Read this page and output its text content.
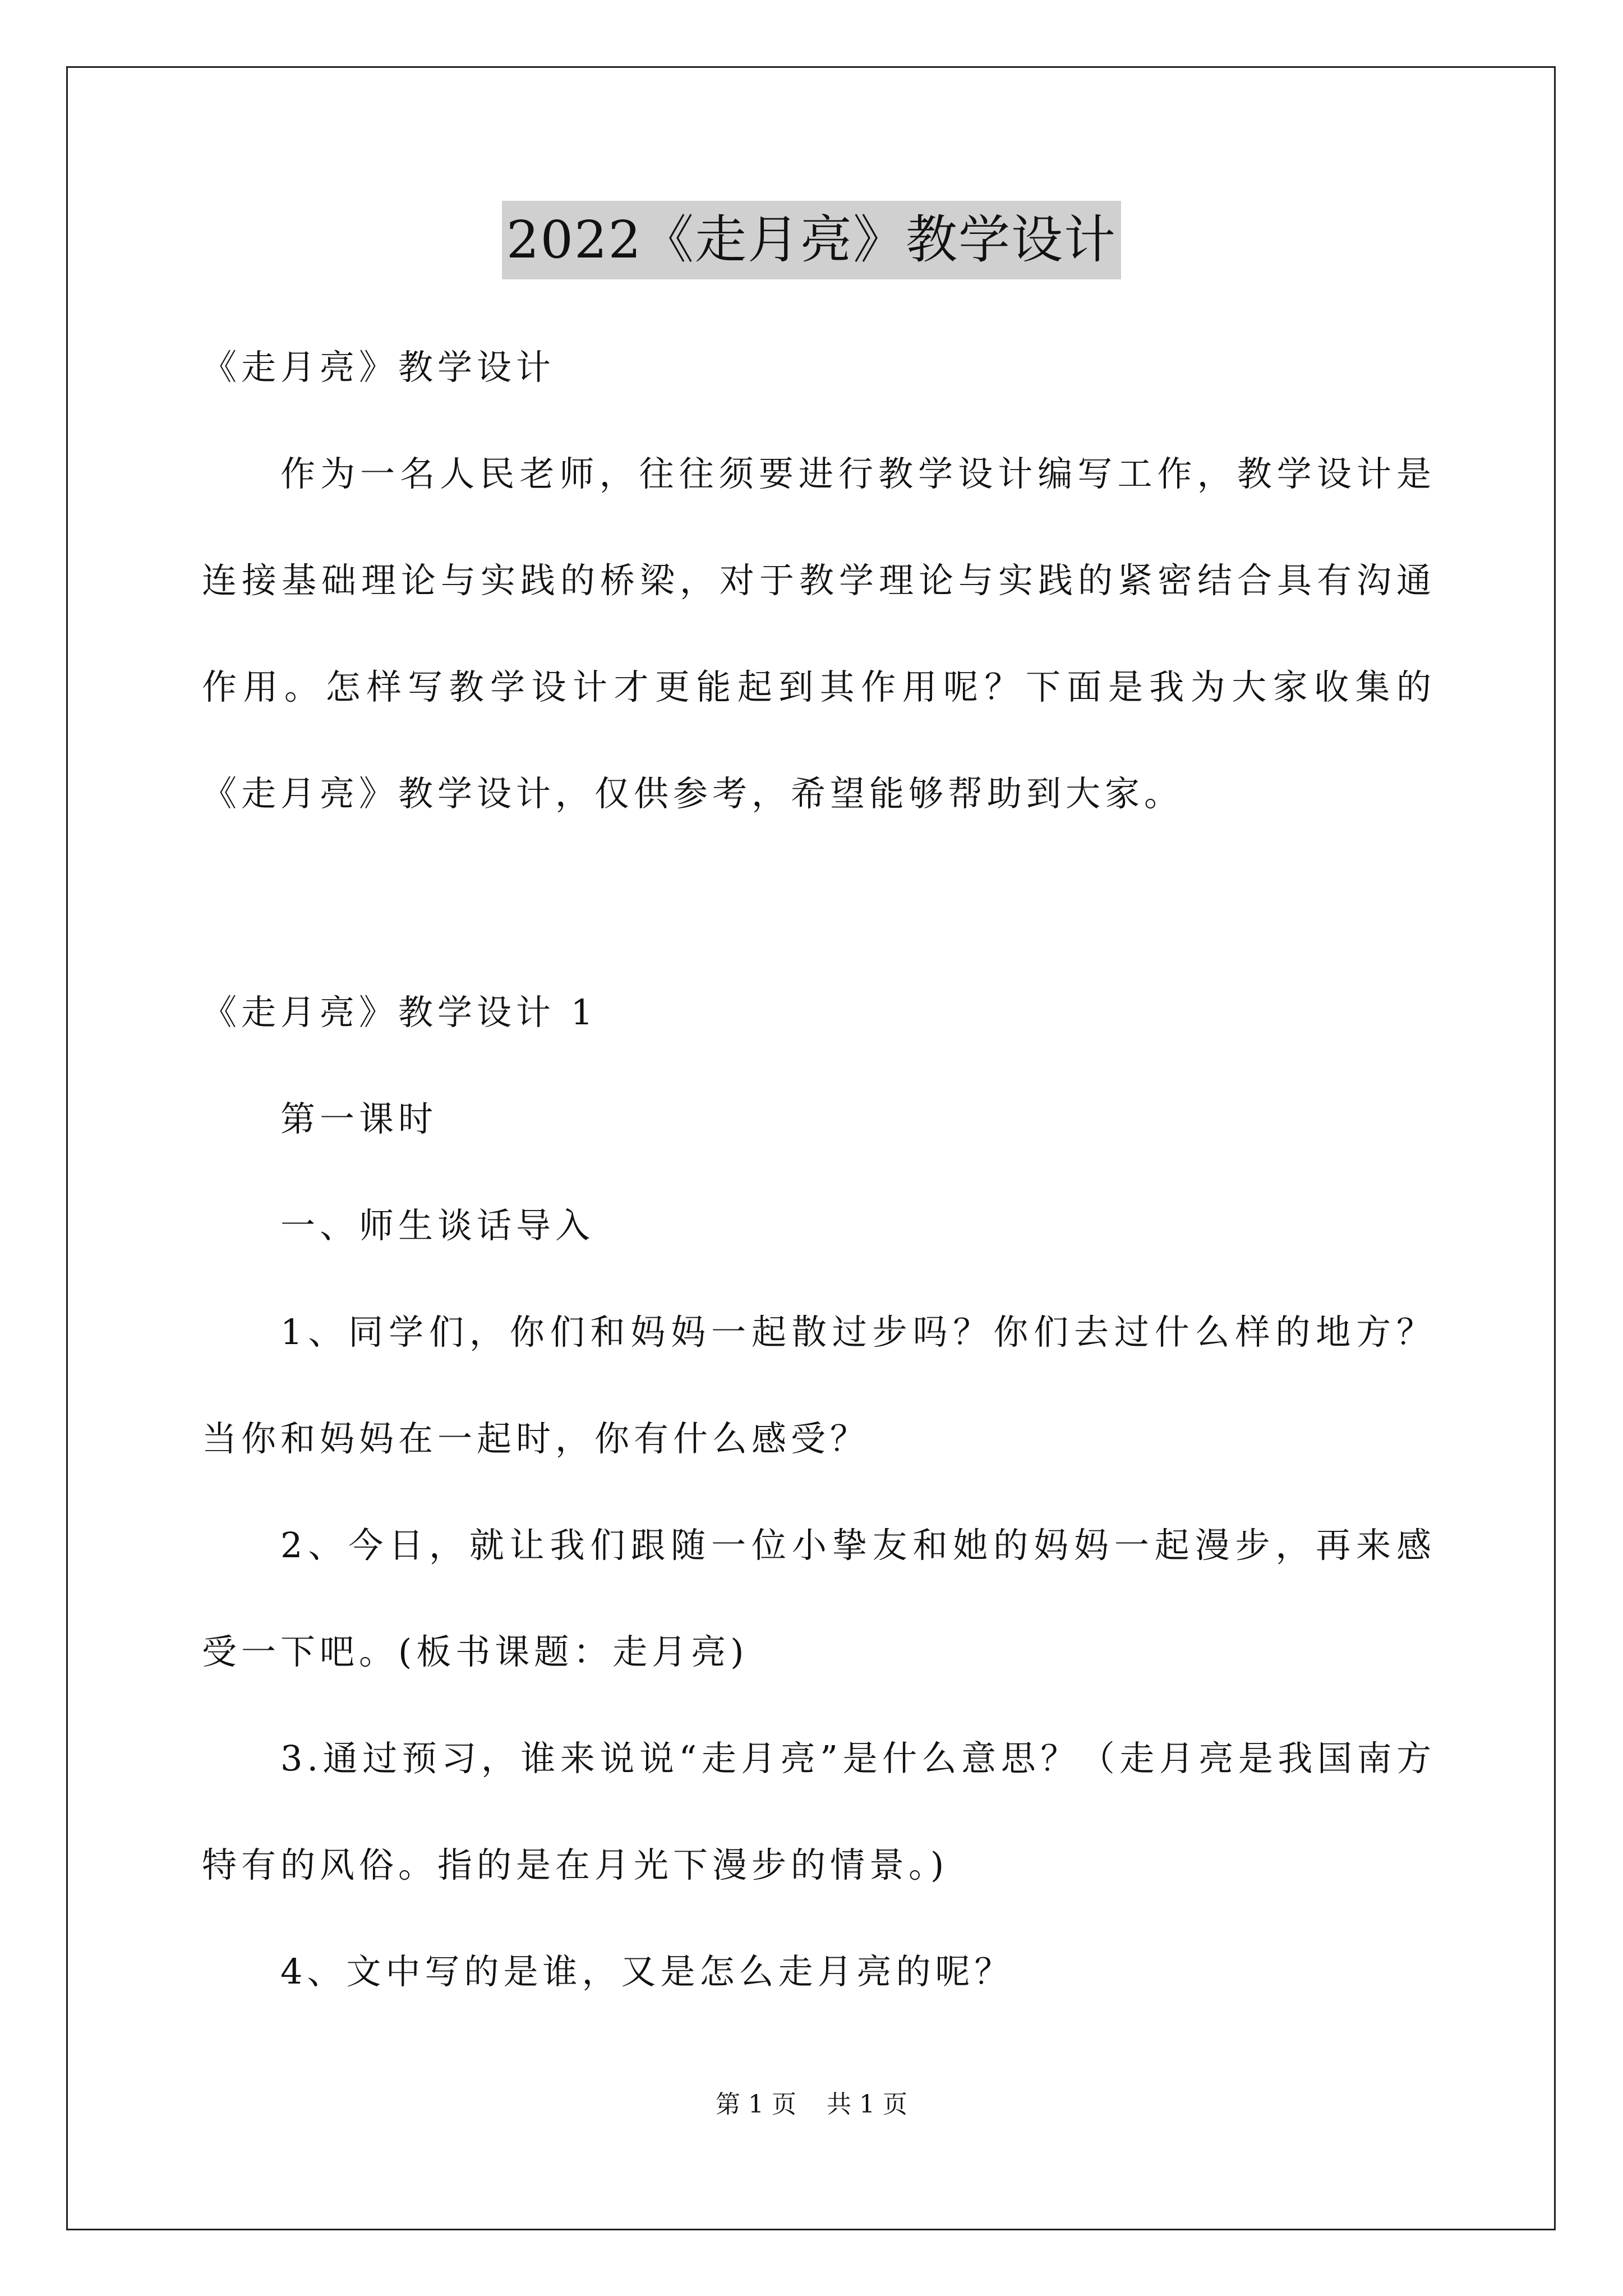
2022《走月亮》教学设计

《走月亮》教学设计

作为一名人民老师，往往须要进行教学设计编写工作，教学设计是连接基础理论与实践的桥梁，对于教学理论与实践的紧密结合具有沟通作用。怎样写教学设计才更能起到其作用呢？下面是我为大家收集的《走月亮》教学设计，仅供参考，希望能够帮助到大家。

《走月亮》教学设计 1

第一课时

一、师生谈话导入

1、同学们，你们和妈妈一起散过步吗？你们去过什么样的地方？当你和妈妈在一起时，你有什么感受？

2、今日，就让我们跟随一位小挚友和她的妈妈一起漫步，再来感受一下吧。(板书课题：走月亮)

3.通过预习，谁来说说“走月亮”是什么意思？（走月亮是我国南方特有的风俗。指的是在月光下漫步的情景。)

4、文中写的是谁，又是怎么走月亮的呢？

第 1 页 共 1 页
